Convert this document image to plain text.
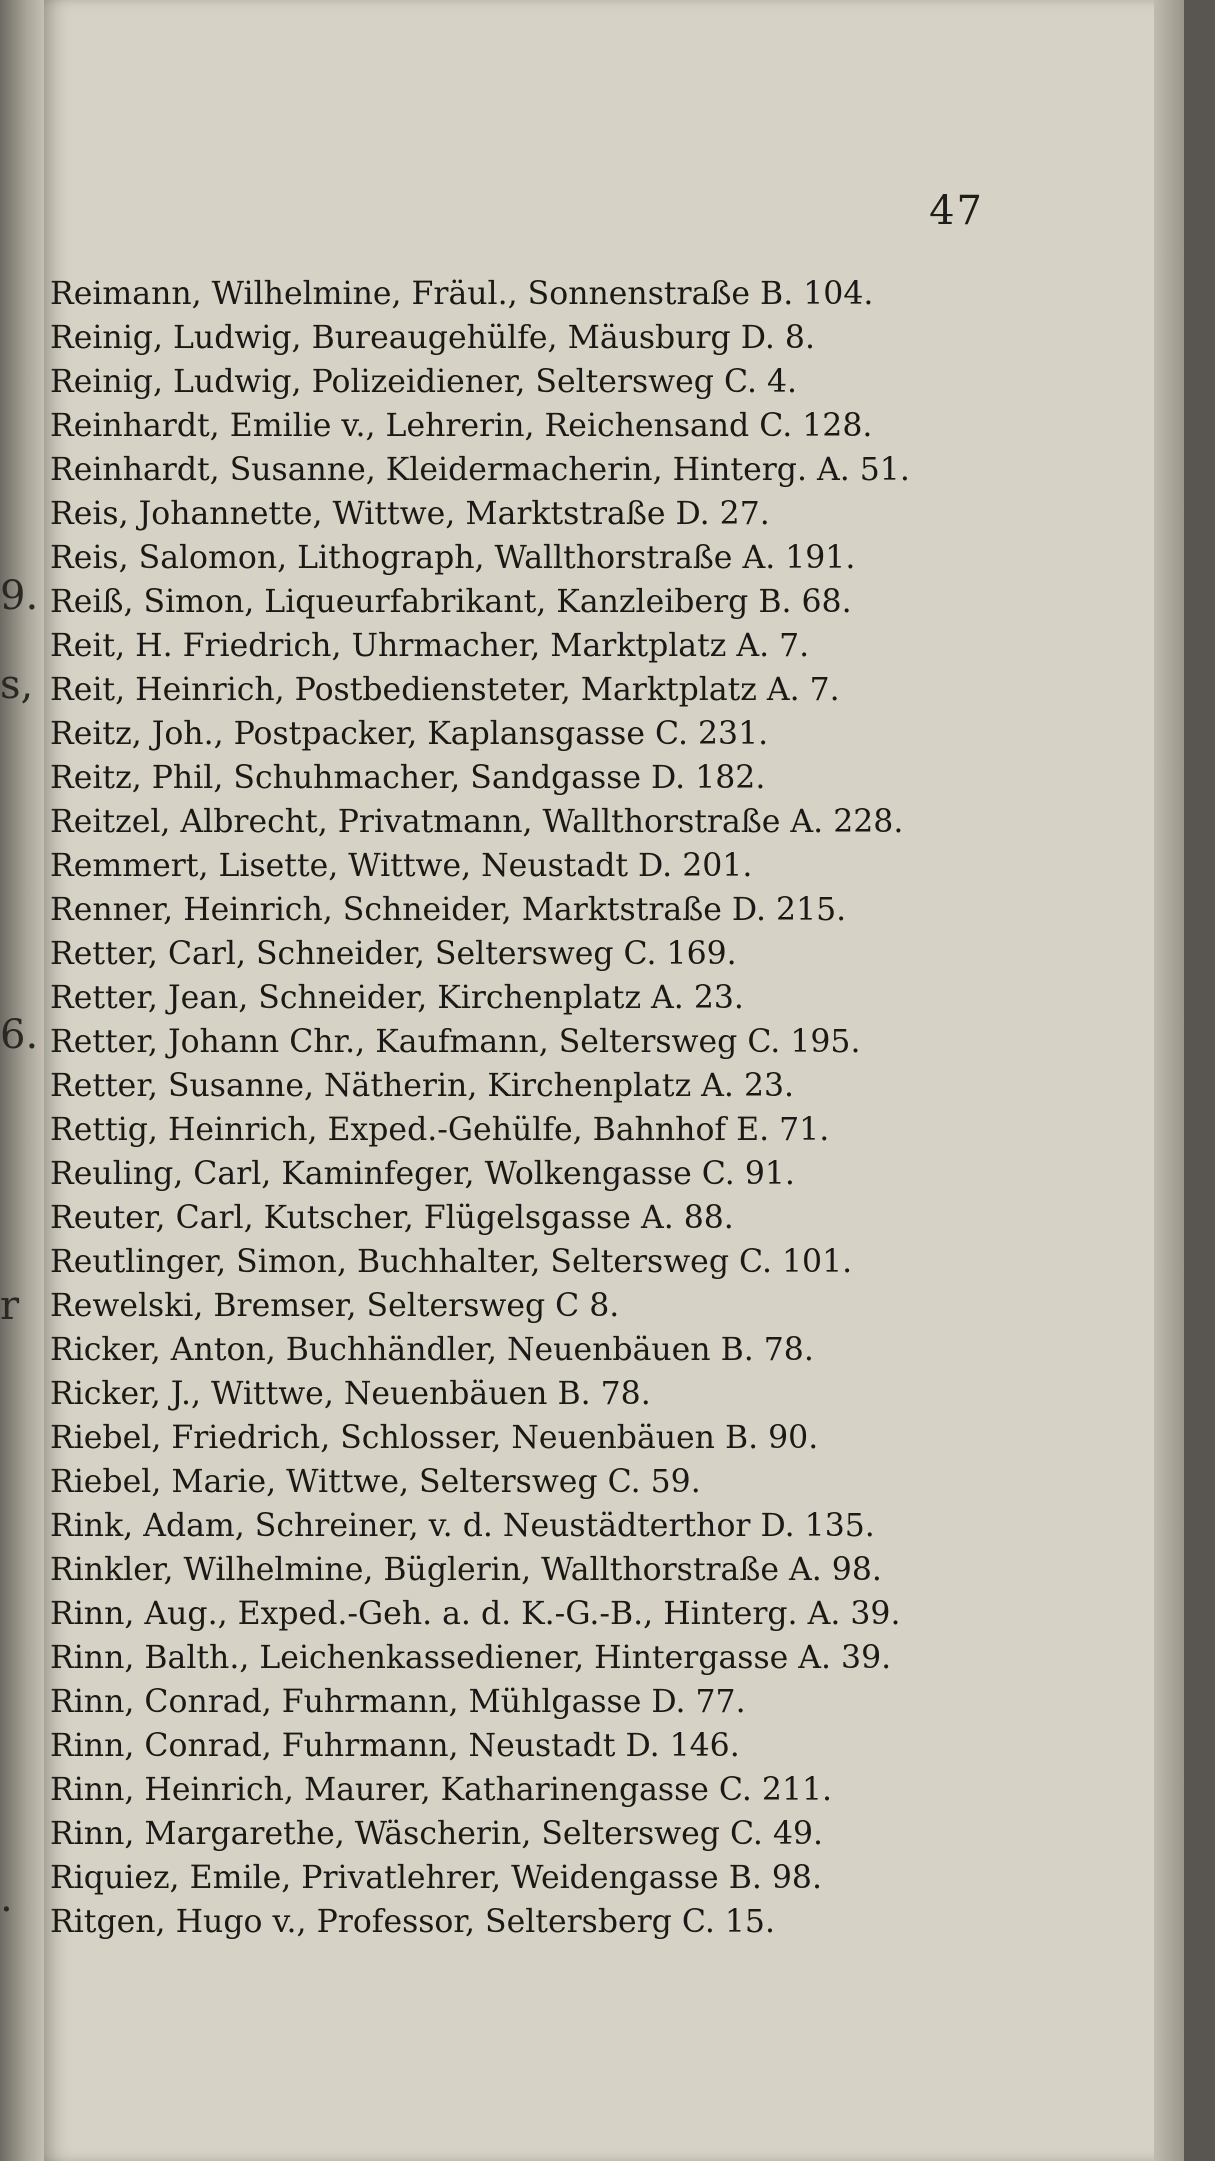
9.
s,
6.
r
.
47
Reimann, Wilhelmine, Fräul., Sonnenstraße B. 104.
Reinig, Ludwig, Bureaugehülfe, Mäusburg D. 8.
Reinig, Ludwig, Polizeidiener, Seltersweg C. 4.
Reinhardt, Emilie v., Lehrerin, Reichensand C. 128.
Reinhardt, Susanne, Kleidermacherin, Hinterg. A. 51.
Reis, Johannette, Wittwe, Marktstraße D. 27.
Reis, Salomon, Lithograph, Wallthorstraße A. 191.
Reiß, Simon, Liqueurfabrikant, Kanzleiberg B. 68.
Reit, H. Friedrich, Uhrmacher, Marktplatz A. 7.
Reit, Heinrich, Postbediensteter, Marktplatz A. 7.
Reitz, Joh., Postpacker, Kaplansgasse C. 231.
Reitz, Phil, Schuhmacher, Sandgasse D. 182.
Reitzel, Albrecht, Privatmann, Wallthorstraße A. 228.
Remmert, Lisette, Wittwe, Neustadt D. 201.
Renner, Heinrich, Schneider, Marktstraße D. 215.
Retter, Carl, Schneider, Seltersweg C. 169.
Retter, Jean, Schneider, Kirchenplatz A. 23.
Retter, Johann Chr., Kaufmann, Seltersweg C. 195.
Retter, Susanne, Nätherin, Kirchenplatz A. 23.
Rettig, Heinrich, Exped.-Gehülfe, Bahnhof E. 71.
Reuling, Carl, Kaminfeger, Wolkengasse C. 91.
Reuter, Carl, Kutscher, Flügelsgasse A. 88.
Reutlinger, Simon, Buchhalter, Seltersweg C. 101.
Rewelski, Bremser, Seltersweg C 8.
Ricker, Anton, Buchhändler, Neuenbäuen B. 78.
Ricker, J., Wittwe, Neuenbäuen B. 78.
Riebel, Friedrich, Schlosser, Neuenbäuen B. 90.
Riebel, Marie, Wittwe, Seltersweg C. 59.
Rink, Adam, Schreiner, v. d. Neustädterthor D. 135.
Rinkler, Wilhelmine, Büglerin, Wallthorstraße A. 98.
Rinn, Aug., Exped.-Geh. a. d. K.-G.-B., Hinterg. A. 39.
Rinn, Balth., Leichenkassediener, Hintergasse A. 39.
Rinn, Conrad, Fuhrmann, Mühlgasse D. 77.
Rinn, Conrad, Fuhrmann, Neustadt D. 146.
Rinn, Heinrich, Maurer, Katharinengasse C. 211.
Rinn, Margarethe, Wäscherin, Seltersweg C. 49.
Riquiez, Emile, Privatlehrer, Weidengasse B. 98.
Ritgen, Hugo v., Professor, Seltersberg C. 15.
